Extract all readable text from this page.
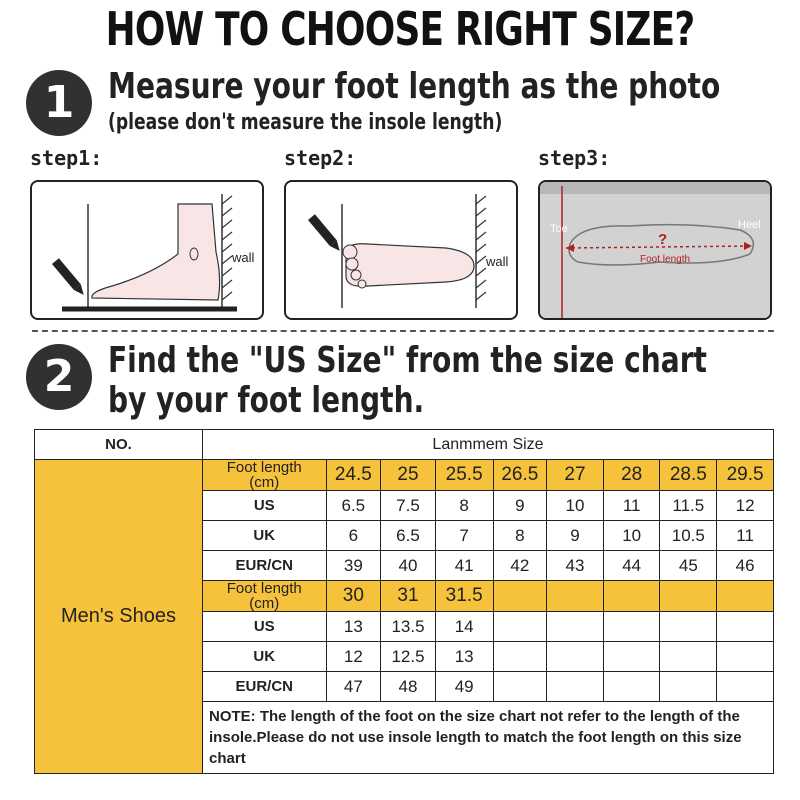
HOW TO CHOOSE RIGHT SIZE?
1 Measure your foot length as the photo
(please don't measure the insole length)
step1:	step2:	step3:
wall	wall
Toe	Heel
?
Foot length
2 Find the "US Size" from the size chart
by your foot length.
NO.	Lanmmem Size								
Men's Shoes	Foot length
(cm)	24.5	25	25.5	26.5	27	28	28.5	29.5
	US	6.5	7.5	8	9	10	11	11.5	12
	UK	6	6.5	7	8	9	10	10.5	11
	EUR/CN	39	40	41	42	43	44	45	46
	Foot length
(cm)	30	31	31.5					
	US	13	13.5	14					
	UK	12	12.5	13					
	EUR/CN	47	48	49					
	NOTE: The length of the foot on the size chart not refer to the length of the insole.Please do not use insole length to match the foot length on this size chart								
